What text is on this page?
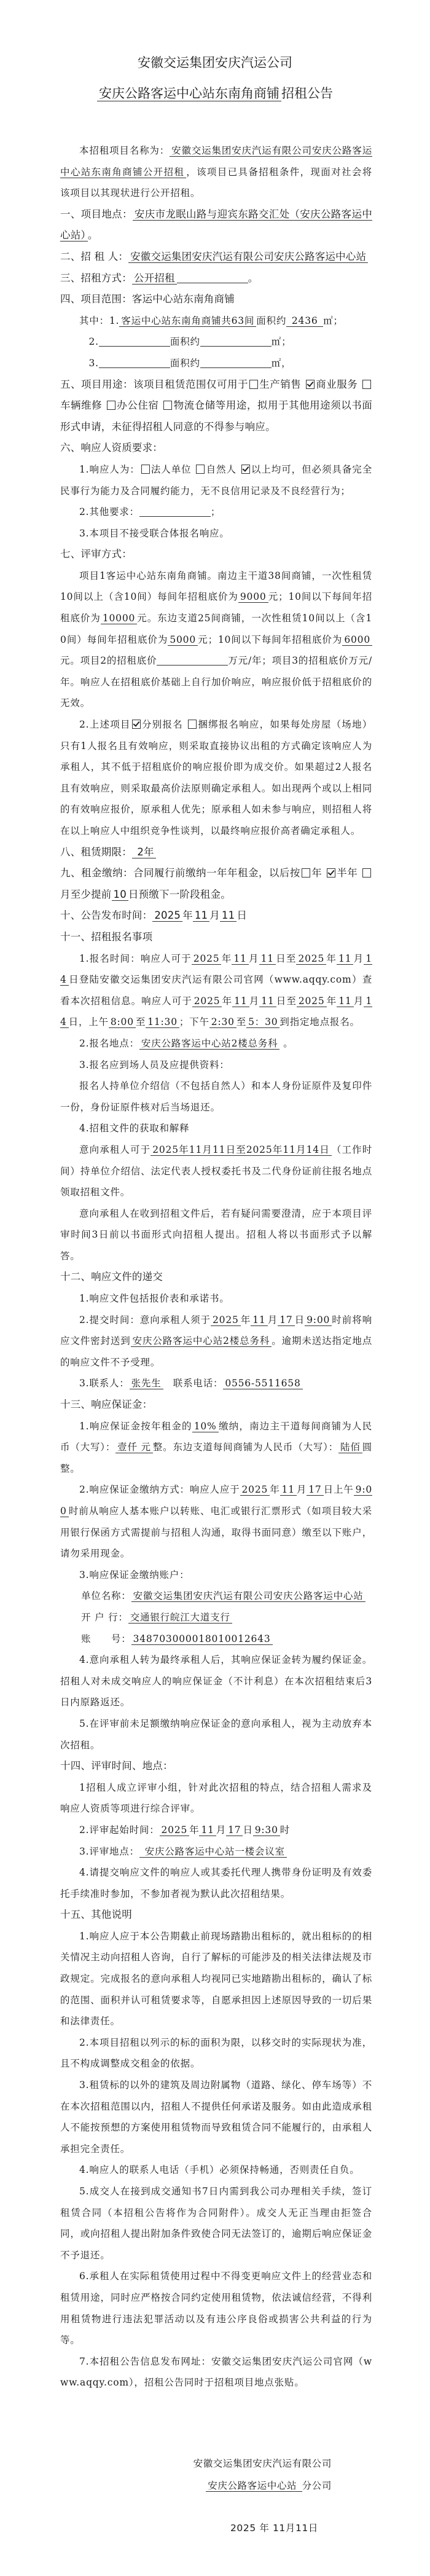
安徽交运集团安庆汽运公司
安庆公路客运中心站东南角商铺 招租公告

本招租项目名称为： 安徽交运集团安庆汽运有限公司安庆公路客运中心站东南角商铺公开招租 ，该项目已具备招租条件，现面对社会将该项目以其现状进行公开招租。

一、项目地点： 安庆市龙眠山路与迎宾东路交汇处（安庆公路客运中心站） 。

二、招 租 人： 安徽交运集团安庆汽运有限公司安庆公路客运中心站

三、招租方式： 公开招租	。

四、项目范围：客运中心站东南角商铺

其中：1. 客运中心站东南角商铺共63间 面积约 2436 ㎡；

2.	面积约	㎡；

3.	面积约	㎡，

五、项目用途：该项目租赁范围仅可用于 生产销售 商业服务 车辆维修 办公住宿 物流仓储等用途，拟用于其他用途须以书面形式申请，未征得招租人同意的不得参与响应。

六、响应人资质要求：

1.响应人为： 法人单位 自然人 以上均可，但必须具备完全民事行为能力及合同履约能力，无不良信用记录及不良经营行为；

2.其他要求：	；

3.本项目不接受联合体报名响应。

七、评审方式：

项目1客运中心站东南角商铺。南边主干道38间商铺，一次性租赁10间以上（含10间）每间年招租底价为 9000 元；10间以下每间年招租底价为 10000 元。东边支道25间商铺，一次性租赁10间以上（含10间）每间年招租底价为 5000 元；10间以下每间年招租底价为 6000元。项目2的招租底价	万元/年；项目3的招租底价万元/年。响应人在招租底价基础上自行加价响应，响应报价低于招租底价的无效。

2.上述项目 分别报名 捆绑报名响应，如果每处房屋（场地）只有1人报名且有效响应，则采取直接协议出租的方式确定该响应人为承租人，其不低于招租底价的响应报价即为成交价。如果超过2人报名且有效响应，则采取最高价法原则确定承租人。如出现两个或以上相同的有效响应报价，原承租人优先；原承租人如未参与响应，则招租人将在以上响应人中组织竞争性谈判，以最终响应报价高者确定承租人。

八、租赁期限： 2年

九、租金缴纳：合同履行前缴纳一年年租金，以后按 年 半年 月至少提前 10 日预缴下一阶段租金。

十、公告发布时间： 2025 年 11 月 11 日

十一、招租报名事项

1.报名时间：响应人可于 2025 年 11 月 11 日至 2025 年 11 月 14 日登陆安徽交运集团安庆汽运有限公司官网（www.aqqy.com）查看本次招租信息。响应人可于 2025 年 11 月 11 日至 2025 年 11 月 14 日，上午 8:00 至 11:30 ；下午 2:30 至 5：30 到指定地点报名。

2.报名地点： 安庆公路客运中心站2楼总务科 。

3.报名应到场人员及应提供资料：

报名人持单位介绍信（不包括自然人）和本人身份证原件及复印件一份，身份证原件核对后当场退还。

4.招租文件的获取和解释

意向承租人可于 2025年11月11日至2025年11月14日 （工作时间）持单位介绍信、法定代表人授权委托书及二代身份证前往报名地点领取招租文件。

意向承租人在收到招租文件后，若有疑问需要澄清，应于本项目评审时间3日前以书面形式向招租人提出。招租人将以书面形式予以解答。

十二、响应文件的递交

1.响应文件包括报价表和承诺书。

2.提交时间：意向承租人须于 2025 年 11 月 17 日 9:00 时前将响应文件密封送到 安庆公路客运中心站2楼总务科 。逾期未送达指定地点的响应文件不予受理。

3.联系人： 张先生　联系电话： 0556-5511658

十三、响应保证金：

1.响应保证金按年租金的 10% 缴纳，南边主干道每间商铺为人民币（大写）： 壹仟 元 整。东边支道每间商铺为人民币（大写）： 陆佰 圆整。

2.响应保证金缴纳方式：响应人应于 2025 年 11 月 17 日上午 9:00 时前从响应人基本账户以转账、电汇或银行汇票形式（如项目较大采用银行保函方式需提前与招租人沟通，取得书面同意）缴至以下账户，请勿采用现金。

3.响应保证金缴纳账户：

单位名称： 安徽交运集团安庆汽运有限公司安庆公路客运中心站

开 户 行： 交通银行皖江大道支行

账　　号： 348703000018010012643

4.意向承租人转为最终承租人后，其响应保证金转为履约保证金。招租人对未成交响应人的响应保证金（不计利息）在本次招租结束后3日内原路返还。

5.在评审前未足额缴纳响应保证金的意向承租人，视为主动放弃本次招租。

十四、评审时间、地点：

1招租人成立评审小组，针对此次招租的特点，结合招租人需求及响应人资质等项进行综合评审。

2.评审起始时间： 2025 年 11 月 17 日 9:30 时

3.评审地点： 安庆公路客运中心站一楼会议室

4.请提交响应文件的响应人或其委托代理人携带身份证明及有效委托手续准时参加，不参加者视为默认此次招租结果。

十五、其他说明

1.响应人应于本公告期截止前现场踏勘出租标的，就出租标的的相关情况主动向招租人咨询，自行了解标的可能涉及的相关法律法规及市政规定。完成报名的意向承租人均视同已实地踏勘出租标的，确认了标的范围、面积并认可租赁要求等，自愿承担因上述原因导致的一切后果和法律责任。

2.本项目招租以列示的标的面积为限，以移交时的实际现状为准，且不构成调整成交租金的依据。

3.租赁标的以外的建筑及周边附属物（道路、绿化、停车场等）不在本次招租范围以内，招租人不提供任何承诺及服务。如由此造成承租人不能按预想的方案使用租赁物而导致租赁合同不能履行的，由承租人承担完全责任。

4.响应人的联系人电话（手机）必须保持畅通，否则责任自负。

5.成交人在接到成交通知书7日内需到我公司办理相关手续，签订租赁合同（本招租公告将作为合同附件）。成交人无正当理由拒签合同，或向招租人提出附加条件致使合同无法签订的，逾期后响应保证金不予退还。

6.承租人在实际租赁使用过程中不得变更响应文件上的经营业态和租赁用途，同时应严格按合同约定使用租赁物，依法诚信经营，不得利用租赁物进行违法犯罪活动以及有违公序良俗或损害公共利益的行为等。

7.本招租公告信息发布网址：安徽交运集团安庆汽运公司官网（www.aqqy.com），招租公告同时于招租项目地点张贴。

安徽交运集团安庆汽运有限公司
安庆公路客运中心站 分公司
2025 年 11月11日
